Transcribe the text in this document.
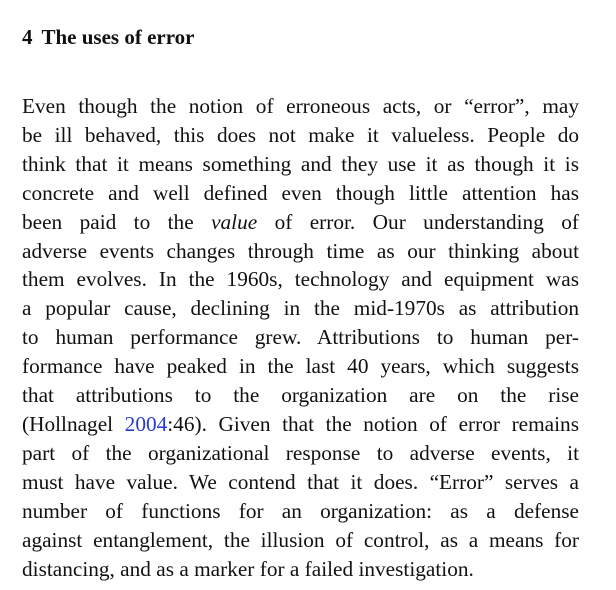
4 The uses of error
Even though the notion of erroneous acts, or “error”, may
be ill behaved, this does not make it valueless. People do
think that it means something and they use it as though it is
concrete and well defined even though little attention has
been paid to the value of error. Our understanding of
adverse events changes through time as our thinking about
them evolves. In the 1960s, technology and equipment was
a popular cause, declining in the mid-1970s as attribution
to human performance grew. Attributions to human per-
formance have peaked in the last 40 years, which suggests
that attributions to the organization are on the rise
(Hollnagel 2004:46). Given that the notion of error remains
part of the organizational response to adverse events, it
must have value. We contend that it does. “Error” serves a
number of functions for an organization: as a defense
against entanglement, the illusion of control, as a means for
distancing, and as a marker for a failed investigation.
